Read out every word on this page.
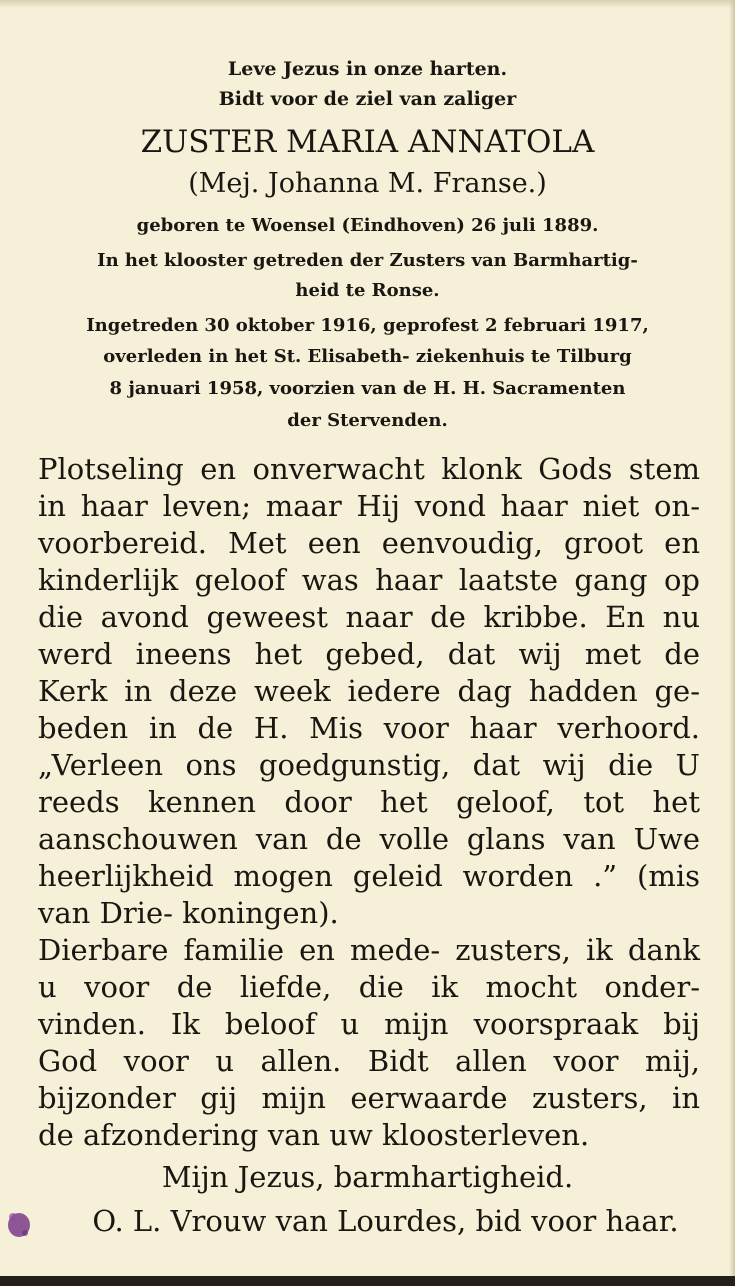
Leve Jezus in onze harten.
Bidt voor de ziel van zaliger
ZUSTER MARIA ANNATOLA
(Mej. Johanna M. Franse.)
geboren te Woensel (Eindhoven) 26 juli 1889.
In het klooster getreden der Zusters van Barmhartig-
heid te Ronse.
Ingetreden 30 oktober 1916, geprofest 2 februari 1917,
overleden in het St. Elisabeth- ziekenhuis te Tilburg
8 januari 1958, voorzien van de H. H. Sacramenten
der Stervenden.
Plotseling en onverwacht klonk Gods stem
in haar leven; maar Hij vond haar niet on-
voorbereid. Met een eenvoudig, groot en
kinderlijk geloof was haar laatste gang op
die avond geweest naar de kribbe. En nu
werd ineens het gebed, dat wij met de
Kerk in deze week iedere dag hadden ge-
beden in de H. Mis voor haar verhoord.
„Verleen ons goedgunstig, dat wij die U
reeds kennen door het geloof, tot het
aanschouwen van de volle glans van Uwe
heerlijkheid mogen geleid worden .” (mis
van Drie- koningen).
Dierbare familie en mede- zusters, ik dank
u voor de liefde, die ik mocht onder-
vinden. Ik beloof u mijn voorspraak bij
God voor u allen. Bidt allen voor mij,
bijzonder gij mijn eerwaarde zusters, in
de afzondering van uw kloosterleven.
Mijn Jezus, barmhartigheid.
O. L. Vrouw van Lourdes, bid voor haar.
